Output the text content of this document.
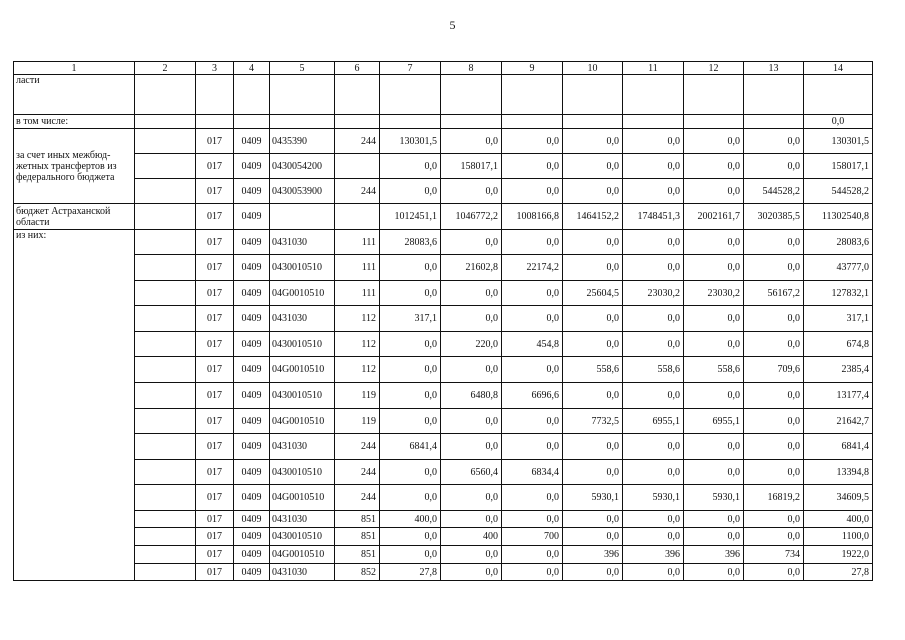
5
1	2	3	4	5	6	7	8	9	10	11	12	13	14
ласти													
в том числе:													0,0
за счет иных межбюд-жетных трансфертов из федерального бюджета		017	0409	0435390	244	130301,5	0,0	0,0	0,0	0,0	0,0	0,0	130301,5
		017	0409	0430054200		0,0	158017,1	0,0	0,0	0,0	0,0	0,0	158017,1
		017	0409	0430053900	244	0,0	0,0	0,0	0,0	0,0	0,0	544528,2	544528,2
бюджет Астраханской области		017	0409			1012451,1	1046772,2	1008166,8	1464152,2	1748451,3	2002161,7	3020385,5	11302540,8
из них:		017	0409	0431030	111	28083,6	0,0	0,0	0,0	0,0	0,0	0,0	28083,6
		017	0409	0430010510	111	0,0	21602,8	22174,2	0,0	0,0	0,0	0,0	43777,0
		017	0409	04G0010510	111	0,0	0,0	0,0	25604,5	23030,2	23030,2	56167,2	127832,1
		017	0409	0431030	112	317,1	0,0	0,0	0,0	0,0	0,0	0,0	317,1
		017	0409	0430010510	112	0,0	220,0	454,8	0,0	0,0	0,0	0,0	674,8
		017	0409	04G0010510	112	0,0	0,0	0,0	558,6	558,6	558,6	709,6	2385,4
		017	0409	0430010510	119	0,0	6480,8	6696,6	0,0	0,0	0,0	0,0	13177,4
		017	0409	04G0010510	119	0,0	0,0	0,0	7732,5	6955,1	6955,1	0,0	21642,7
		017	0409	0431030	244	6841,4	0,0	0,0	0,0	0,0	0,0	0,0	6841,4
		017	0409	0430010510	244	0,0	6560,4	6834,4	0,0	0,0	0,0	0,0	13394,8
		017	0409	04G0010510	244	0,0	0,0	0,0	5930,1	5930,1	5930,1	16819,2	34609,5
		017	0409	0431030	851	400,0	0,0	0,0	0,0	0,0	0,0	0,0	400,0
		017	0409	0430010510	851	0,0	400	700	0,0	0,0	0,0	0,0	1100,0
		017	0409	04G0010510	851	0,0	0,0	0,0	396	396	396	734	1922,0
		017	0409	0431030	852	27,8	0,0	0,0	0,0	0,0	0,0	0,0	27,8
